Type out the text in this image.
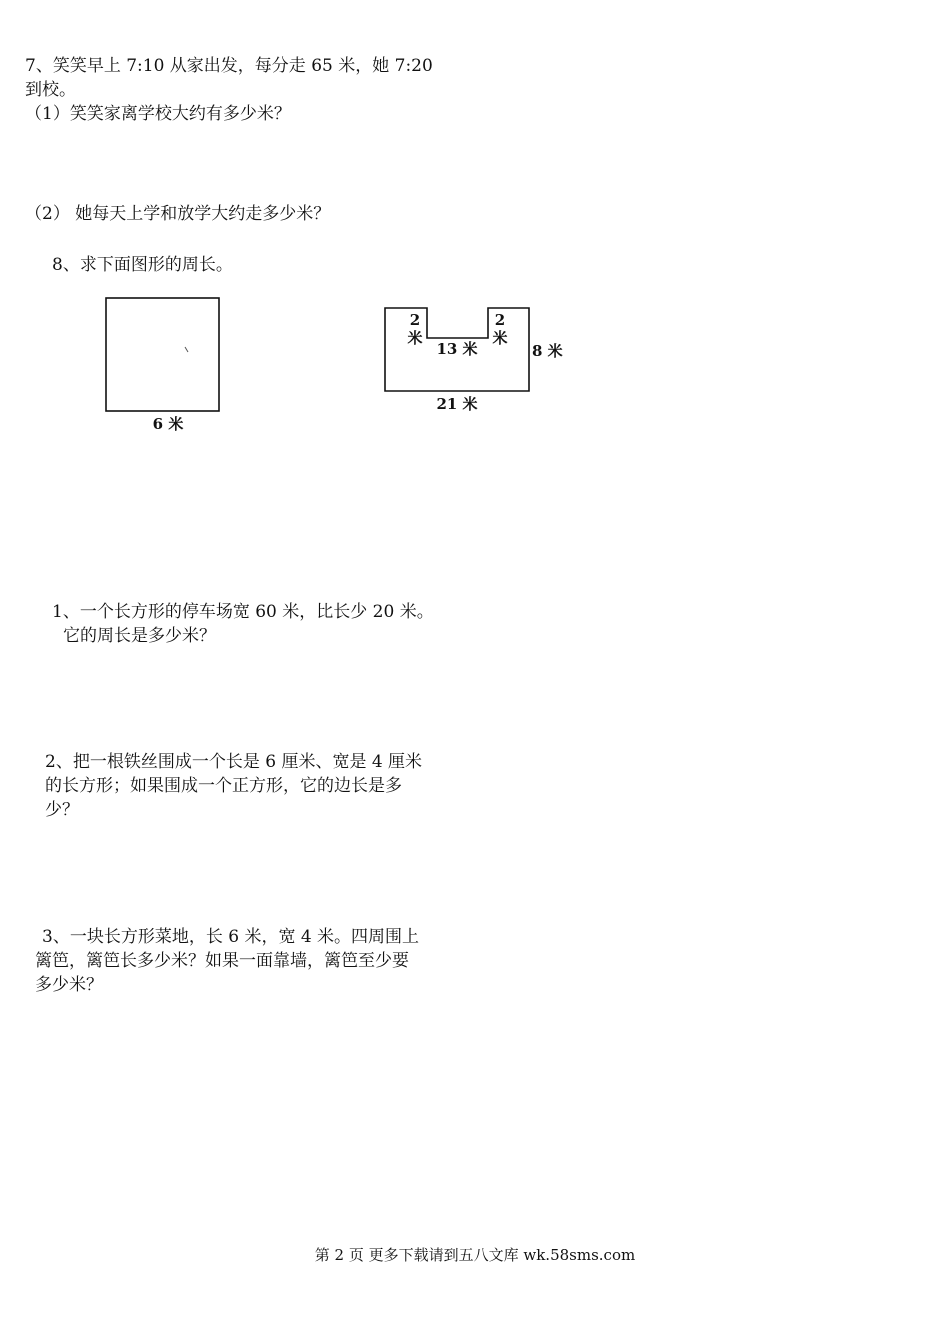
7、笑笑早上 7:10 从家出发，每分走 65 米，她 7:20

到校。

（1）笑笑家离学校大约有多少米？

（2） 她每天上学和放学大约走多少米？

8、求下面图形的周长。

6 米
2
米
2
米
13 米	8 米
21 米

1、一个长方形的停车场宽 60 米，比长少 20 米。

它的周长是多少米？

2、把一根铁丝围成一个长是 6 厘米、宽是 4 厘米

的长方形；如果围成一个正方形，它的边长是多

少？

3、一块长方形菜地，长 6 米，宽 4 米。四周围上

篱笆，篱笆长多少米？如果一面靠墙，篱笆至少要

多少米？

第 2 页 更多下载请到五八文库 wk.58sms.com
